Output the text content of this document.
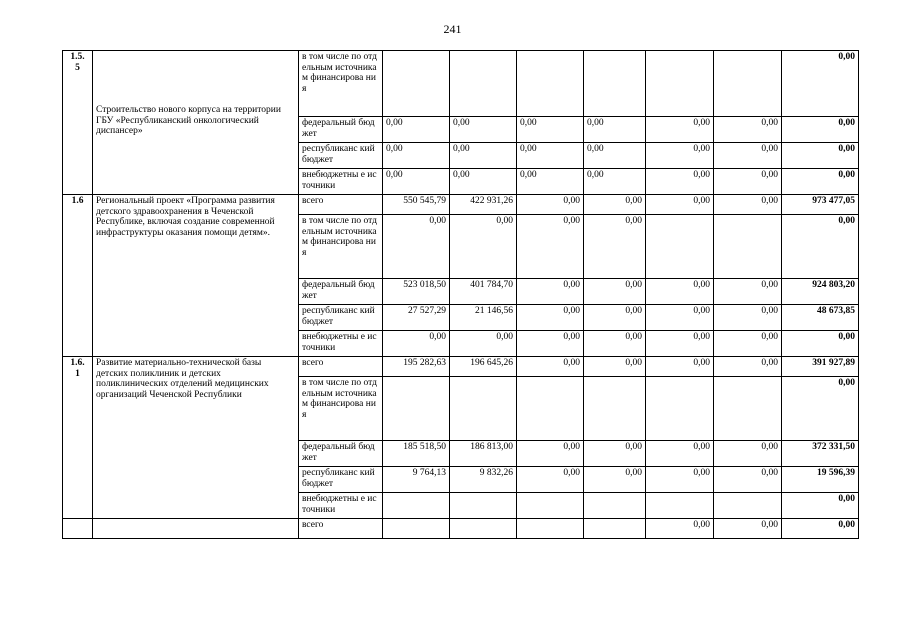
241
1.5.
5	Строительство нового корпуса на территории ГБУ «Республиканский онкологический диспансер»	в том числе по отдельным источникам финансирова ния							0,00
		федеральный бюджет	0,00	0,00	0,00	0,00	0,00	0,00	0,00
		республиканс кий бюджет	0,00	0,00	0,00	0,00	0,00	0,00	0,00
		внебюджетны е источники	0,00	0,00	0,00	0,00	0,00	0,00	0,00
1.6	Региональный проект «Программа развития детского здравоохранения в Чеченской Республике, включая создание современной инфраструктуры оказания помощи детям».	всего	550 545,79	422 931,26	0,00	0,00	0,00	0,00	973 477,05
		в том числе по отдельным источникам финансирова ния	0,00	0,00	0,00	0,00			0,00
		федеральный бюджет	523 018,50	401 784,70	0,00	0,00	0,00	0,00	924 803,20
		республиканс кий бюджет	27 527,29	21 146,56	0,00	0,00	0,00	0,00	48 673,85
		внебюджетны е источники	0,00	0,00	0,00	0,00	0,00	0,00	0,00
1.6.
1	Развитие материально-технической базы детских поликлиник и детских поликлинических отделений медицинских организаций Чеченской Республики	всего	195 282,63	196 645,26	0,00	0,00	0,00	0,00	391 927,89
		в том числе по отдельным источникам финансирова ния							0,00
		федеральный бюджет	185 518,50	186 813,00	0,00	0,00	0,00	0,00	372 331,50
		республиканс кий бюджет	9 764,13	9 832,26	0,00	0,00	0,00	0,00	19 596,39
		внебюджетны е источники							0,00
		всего					0,00	0,00	0,00
